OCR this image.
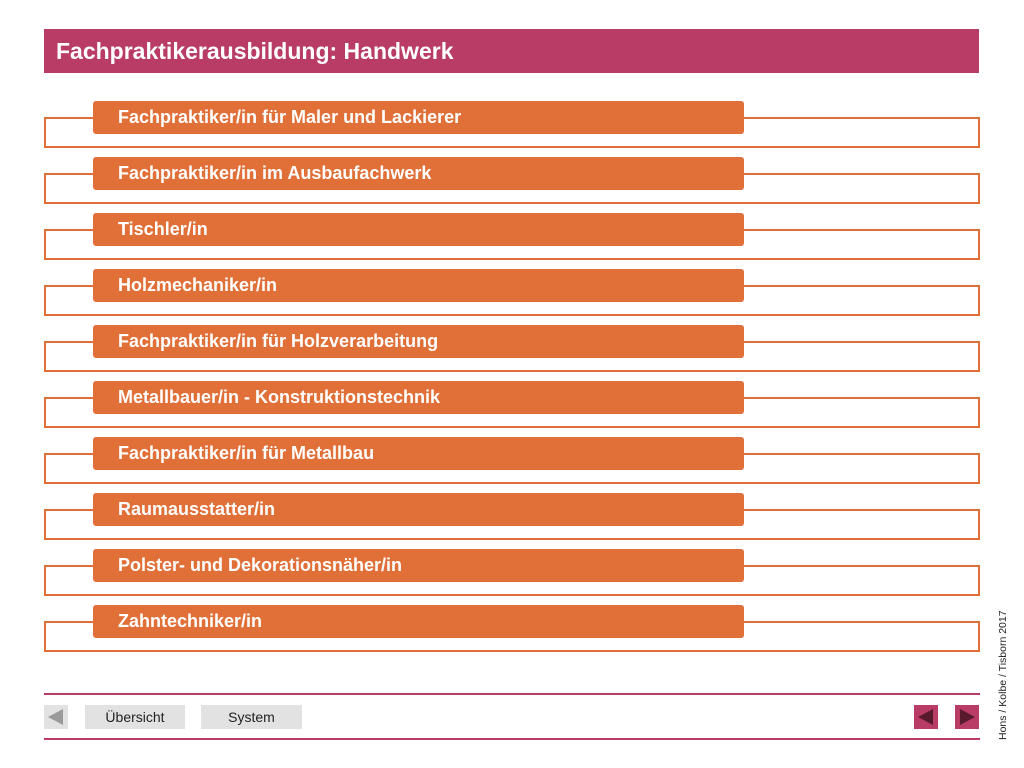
Fachpraktikerausbildung: Handwerk
Fachpraktiker/in für Maler und Lackierer
Fachpraktiker/in im Ausbaufachwerk
Tischler/in
Holzmechaniker/in
Fachpraktiker/in für Holzverarbeitung
Metallbauer/in - Konstruktionstechnik
Fachpraktiker/in für Metallbau
Raumausstatter/in
Polster- und Dekorationsnäher/in
Zahntechniker/in
Übersicht	System	Hons / Kolbe / Tisborn 2017
